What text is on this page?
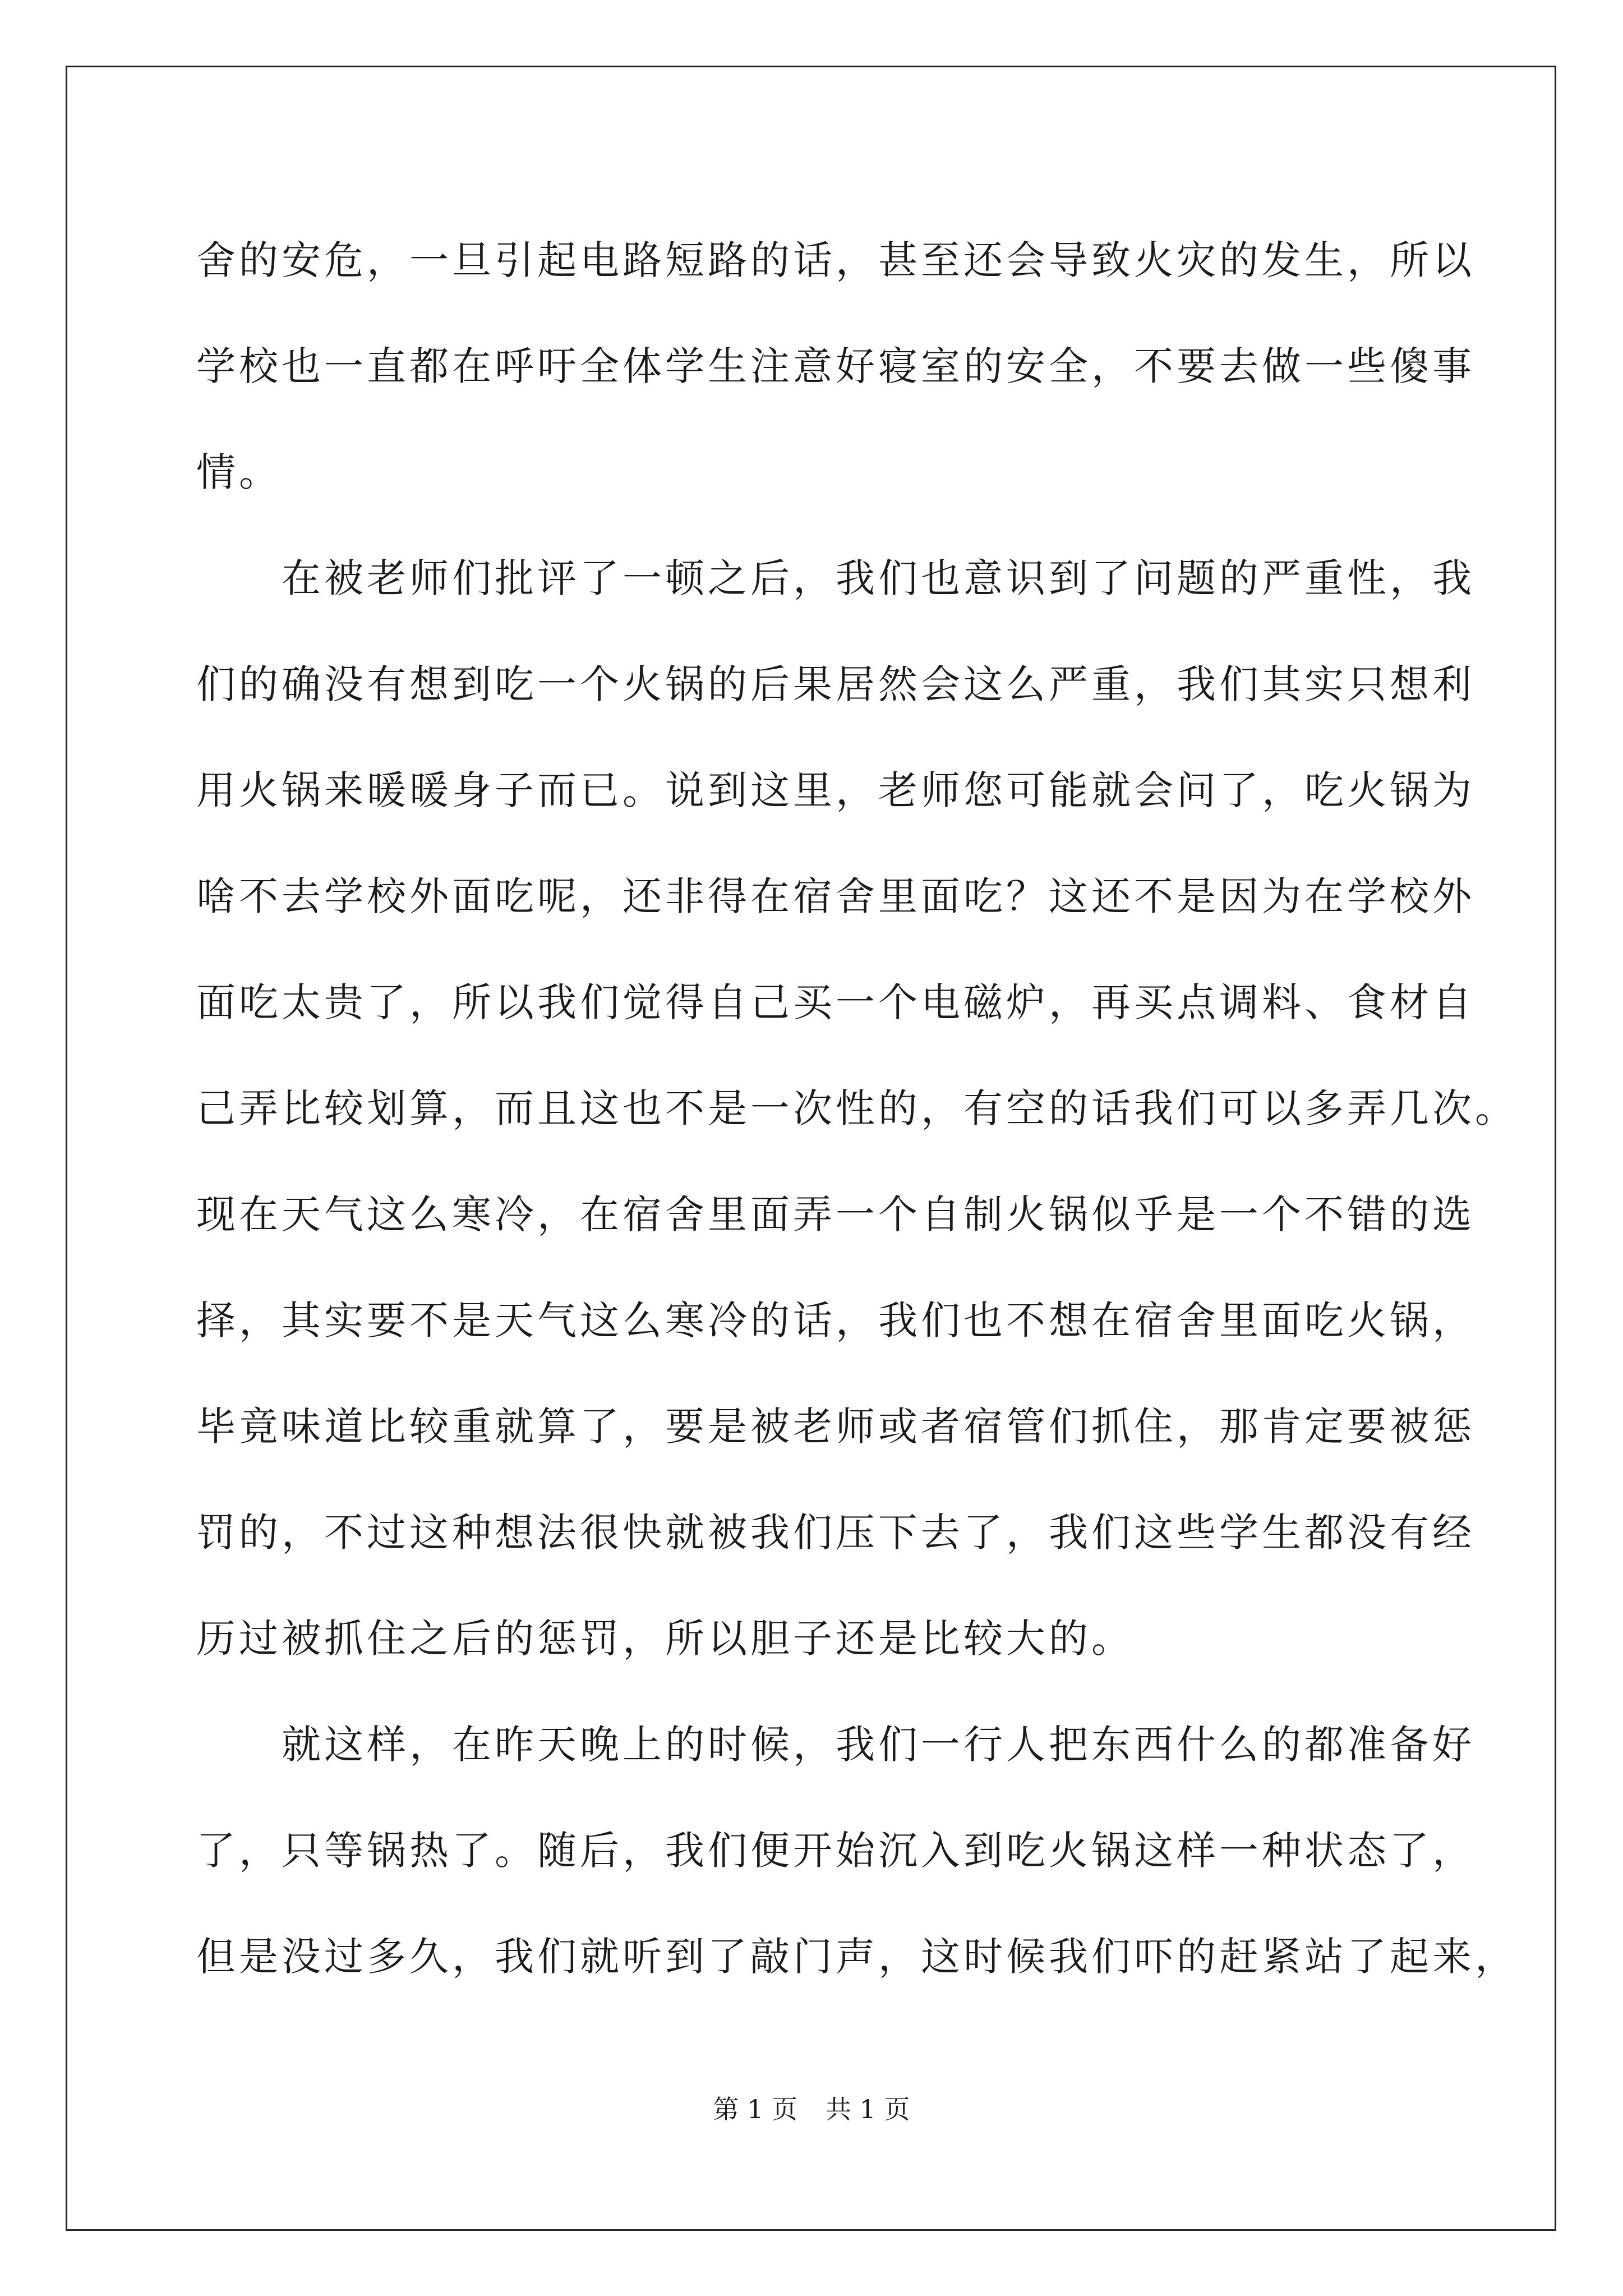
舍的安危，一旦引起电路短路的话，甚至还会导致火灾的发生，所以
学校也一直都在呼吁全体学生注意好寝室的安全，不要去做一些傻事
情。
　　在被老师们批评了一顿之后，我们也意识到了问题的严重性，我
们的确没有想到吃一个火锅的后果居然会这么严重，我们其实只想利
用火锅来暖暖身子而已。说到这里，老师您可能就会问了，吃火锅为
啥不去学校外面吃呢，还非得在宿舍里面吃？这还不是因为在学校外
面吃太贵了，所以我们觉得自己买一个电磁炉，再买点调料、食材自
己弄比较划算，而且这也不是一次性的，有空的话我们可以多弄几次。
现在天气这么寒冷，在宿舍里面弄一个自制火锅似乎是一个不错的选
择，其实要不是天气这么寒冷的话，我们也不想在宿舍里面吃火锅，
毕竟味道比较重就算了，要是被老师或者宿管们抓住，那肯定要被惩
罚的，不过这种想法很快就被我们压下去了，我们这些学生都没有经
历过被抓住之后的惩罚，所以胆子还是比较大的。
　　就这样，在昨天晚上的时候，我们一行人把东西什么的都准备好
了，只等锅热了。随后，我们便开始沉入到吃火锅这样一种状态了，
但是没过多久，我们就听到了敲门声，这时候我们吓的赶紧站了起来，
第 1 页 共 1 页
